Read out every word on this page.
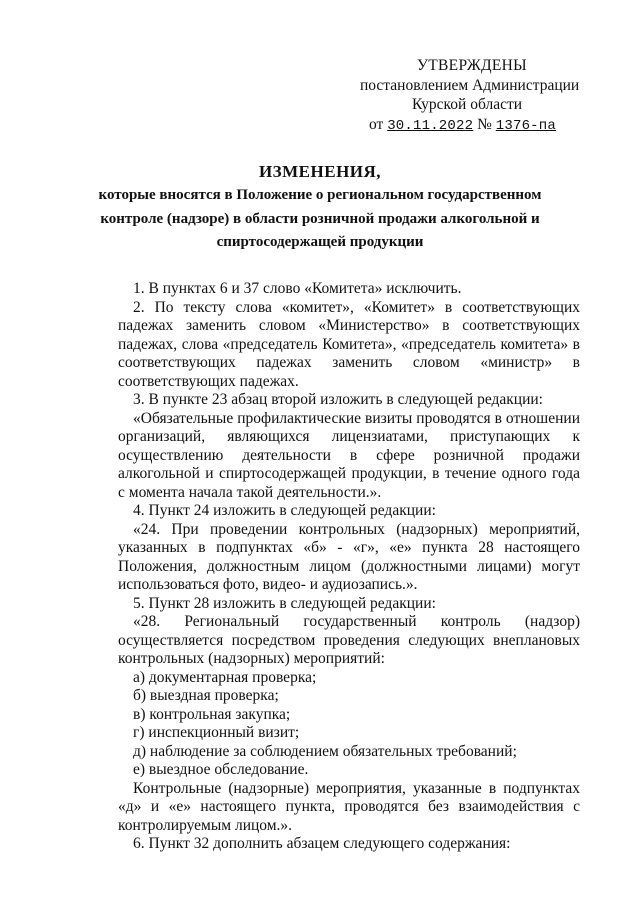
УТВЕРЖДЕНЫ
постановлением Администрации
Курской области
от 30.11.2022 № 1376-па
ИЗМЕНЕНИЯ,
которые вносятся в Положение о региональном государственном
контроле (надзоре) в области розничной продажи алкогольной и
спиртосодержащей продукции

1. В пунктах 6 и 37 слово «Комитета» исключить.

2. По тексту слова «комитет», «Комитет» в соответствующих падежах заменить словом «Министерство» в соответствующих падежах, слова «председатель Комитета», «председатель комитета» в соответствующих падежах заменить словом «министр» в соответствующих падежах.

3. В пункте 23 абзац второй изложить в следующей редакции:

«Обязательные профилактические визиты проводятся в отношении организаций, являющихся лицензиатами, приступающих к осуществлению деятельности в сфере розничной продажи алкогольной и спиртосодержащей продукции, в течение одного года с момента начала такой деятельности.».

4. Пункт 24 изложить в следующей редакции:

«24. При проведении контрольных (надзорных) мероприятий, указанных в подпунктах «б» - «г», «е» пункта 28 настоящего Положения, должностным лицом (должностными лицами) могут использоваться фото, видео- и аудиозапись.».

5. Пункт 28 изложить в следующей редакции:

«28. Региональный государственный контроль (надзор) осуществляется посредством проведения следующих внеплановых контрольных (надзорных) мероприятий:

а) документарная проверка;

б) выездная проверка;

в) контрольная закупка;

г) инспекционный визит;

д) наблюдение за соблюдением обязательных требований;

е) выездное обследование.

Контрольные (надзорные) мероприятия, указанные в подпунктах «д» и «е» настоящего пункта, проводятся без взаимодействия с контролируемым лицом.».

6. Пункт 32 дополнить абзацем следующего содержания:
